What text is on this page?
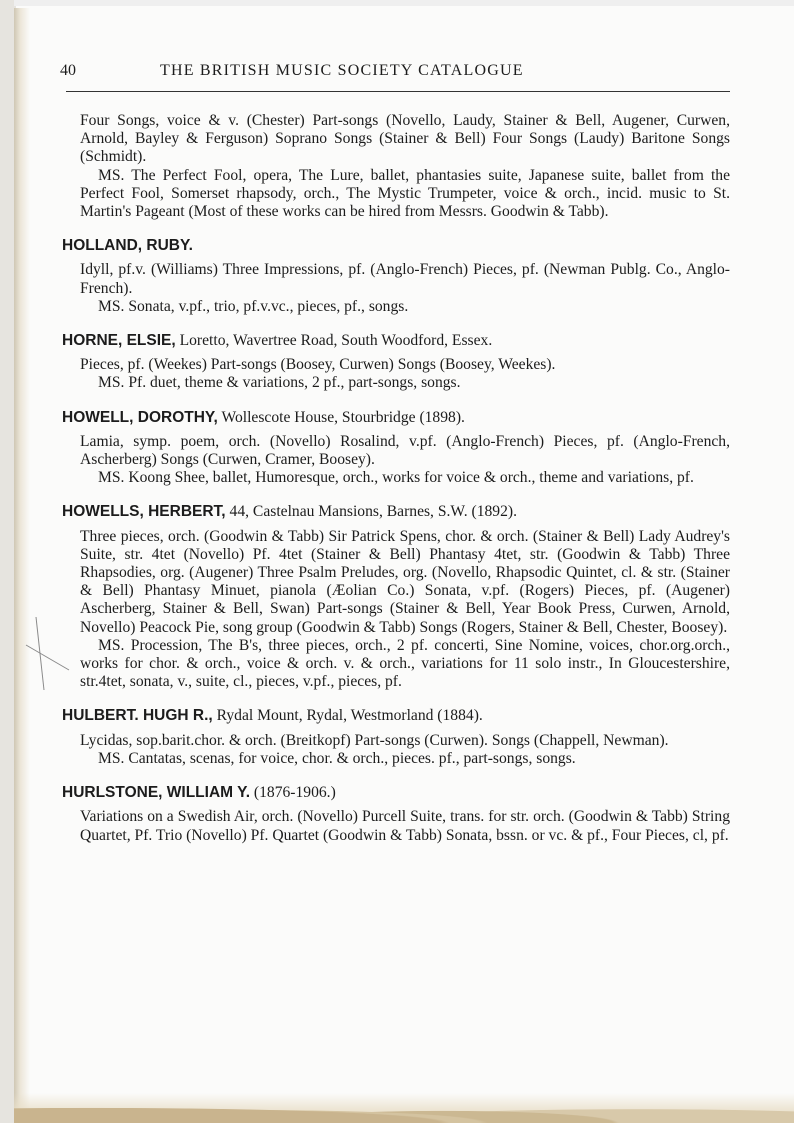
40	THE BRITISH MUSIC SOCIETY CATALOGUE

Four Songs, voice & v. (Chester) Part-songs (Novello, Laudy, Stainer & Bell, Augener, Curwen, Arnold, Bayley & Ferguson) Soprano Songs (Stainer & Bell) Four Songs (Laudy) Baritone Songs (Schmidt).

MS. The Perfect Fool, opera, The Lure, ballet, phantasies suite, Japanese suite, ballet from the Perfect Fool, Somerset rhapsody, orch., The Mystic Trumpeter, voice & orch., incid. music to St. Martin's Pageant (Most of these works can be hired from Messrs. Goodwin & Tabb).

HOLLAND, RUBY.

Idyll, pf.v. (Williams) Three Impressions, pf. (Anglo-French) Pieces, pf. (Newman Publg. Co., Anglo-French).

MS. Sonata, v.pf., trio, pf.v.vc., pieces, pf., songs.

HORNE, ELSIE, Loretto, Wavertree Road, South Woodford, Essex.

Pieces, pf. (Weekes) Part-songs (Boosey, Curwen) Songs (Boosey, Weekes).

MS. Pf. duet, theme & variations, 2 pf., part-songs, songs.

HOWELL, DOROTHY, Wollescote House, Stourbridge (1898).

Lamia, symp. poem, orch. (Novello) Rosalind, v.pf. (Anglo-French) Pieces, pf. (Anglo-French, Ascherberg) Songs (Curwen, Cramer, Boosey).

MS. Koong Shee, ballet, Humoresque, orch., works for voice & orch., theme and variations, pf.

HOWELLS, HERBERT, 44, Castelnau Mansions, Barnes, S.W. (1892).

Three pieces, orch. (Goodwin & Tabb) Sir Patrick Spens, chor. & orch. (Stainer & Bell) Lady Audrey's Suite, str. 4tet (Novello) Pf. 4tet (Stainer & Bell) Phantasy 4tet, str. (Goodwin & Tabb) Three Rhapsodies, org. (Augener) Three Psalm Preludes, org. (Novello, Rhapsodic Quintet, cl. & str. (Stainer & Bell) Phantasy Minuet, pianola (Æolian Co.) Sonata, v.pf. (Rogers) Pieces, pf. (Augener) Ascherberg, Stainer & Bell, Swan) Part-songs (Stainer & Bell, Year Book Press, Curwen, Arnold, Novello) Peacock Pie, song group (Goodwin & Tabb) Songs (Rogers, Stainer & Bell, Chester, Boosey).

MS. Procession, The B's, three pieces, orch., 2 pf. concerti, Sine Nomine, voices, chor.org.orch., works for chor. & orch., voice & orch. v. & orch., variations for 11 solo instr., In Gloucestershire, str.4tet, sonata, v., suite, cl., pieces, v.pf., pieces, pf.

HULBERT. HUGH R., Rydal Mount, Rydal, Westmorland (1884).

Lycidas, sop.barit.chor. & orch. (Breitkopf) Part-songs (Curwen). Songs (Chappell, Newman).

MS. Cantatas, scenas, for voice, chor. & orch., pieces. pf., part-songs, songs.

HURLSTONE, WILLIAM Y. (1876-1906.)

Variations on a Swedish Air, orch. (Novello) Purcell Suite, trans. for str. orch. (Goodwin & Tabb) String Quartet, Pf. Trio (Novello) Pf. Quartet (Goodwin & Tabb) Sonata, bssn. or vc. & pf., Four Pieces, cl, pf.
